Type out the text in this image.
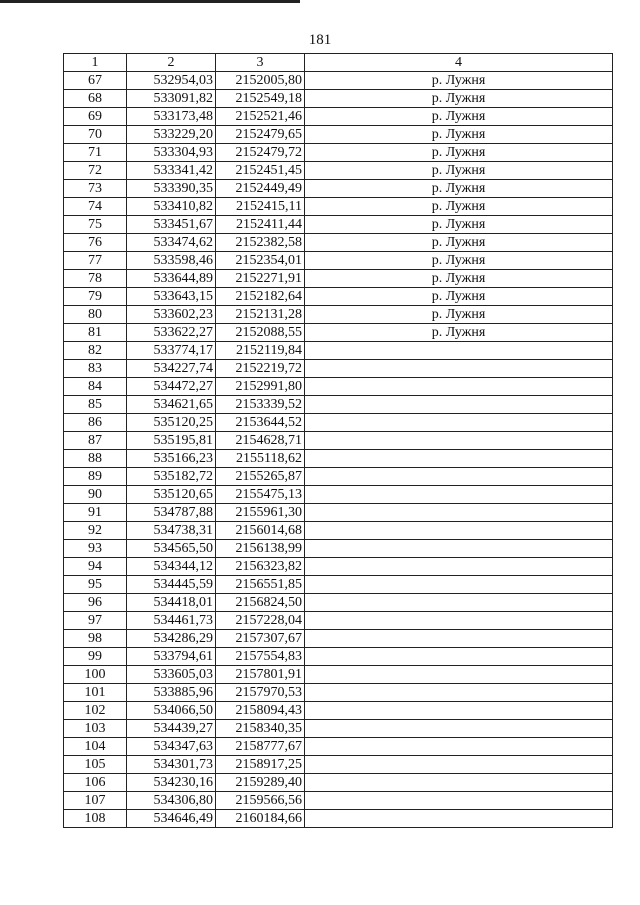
181
1	2	3	4
67	532954,03	2152005,80	р. Лужня
68	533091,82	2152549,18	р. Лужня
69	533173,48	2152521,46	р. Лужня
70	533229,20	2152479,65	р. Лужня
71	533304,93	2152479,72	р. Лужня
72	533341,42	2152451,45	р. Лужня
73	533390,35	2152449,49	р. Лужня
74	533410,82	2152415,11	р. Лужня
75	533451,67	2152411,44	р. Лужня
76	533474,62	2152382,58	р. Лужня
77	533598,46	2152354,01	р. Лужня
78	533644,89	2152271,91	р. Лужня
79	533643,15	2152182,64	р. Лужня
80	533602,23	2152131,28	р. Лужня
81	533622,27	2152088,55	р. Лужня
82	533774,17	2152119,84	
83	534227,74	2152219,72	
84	534472,27	2152991,80	
85	534621,65	2153339,52	
86	535120,25	2153644,52	
87	535195,81	2154628,71	
88	535166,23	2155118,62	
89	535182,72	2155265,87	
90	535120,65	2155475,13	
91	534787,88	2155961,30	
92	534738,31	2156014,68	
93	534565,50	2156138,99	
94	534344,12	2156323,82	
95	534445,59	2156551,85	
96	534418,01	2156824,50	
97	534461,73	2157228,04	
98	534286,29	2157307,67	
99	533794,61	2157554,83	
100	533605,03	2157801,91	
101	533885,96	2157970,53	
102	534066,50	2158094,43	
103	534439,27	2158340,35	
104	534347,63	2158777,67	
105	534301,73	2158917,25	
106	534230,16	2159289,40	
107	534306,80	2159566,56	
108	534646,49	2160184,66	
